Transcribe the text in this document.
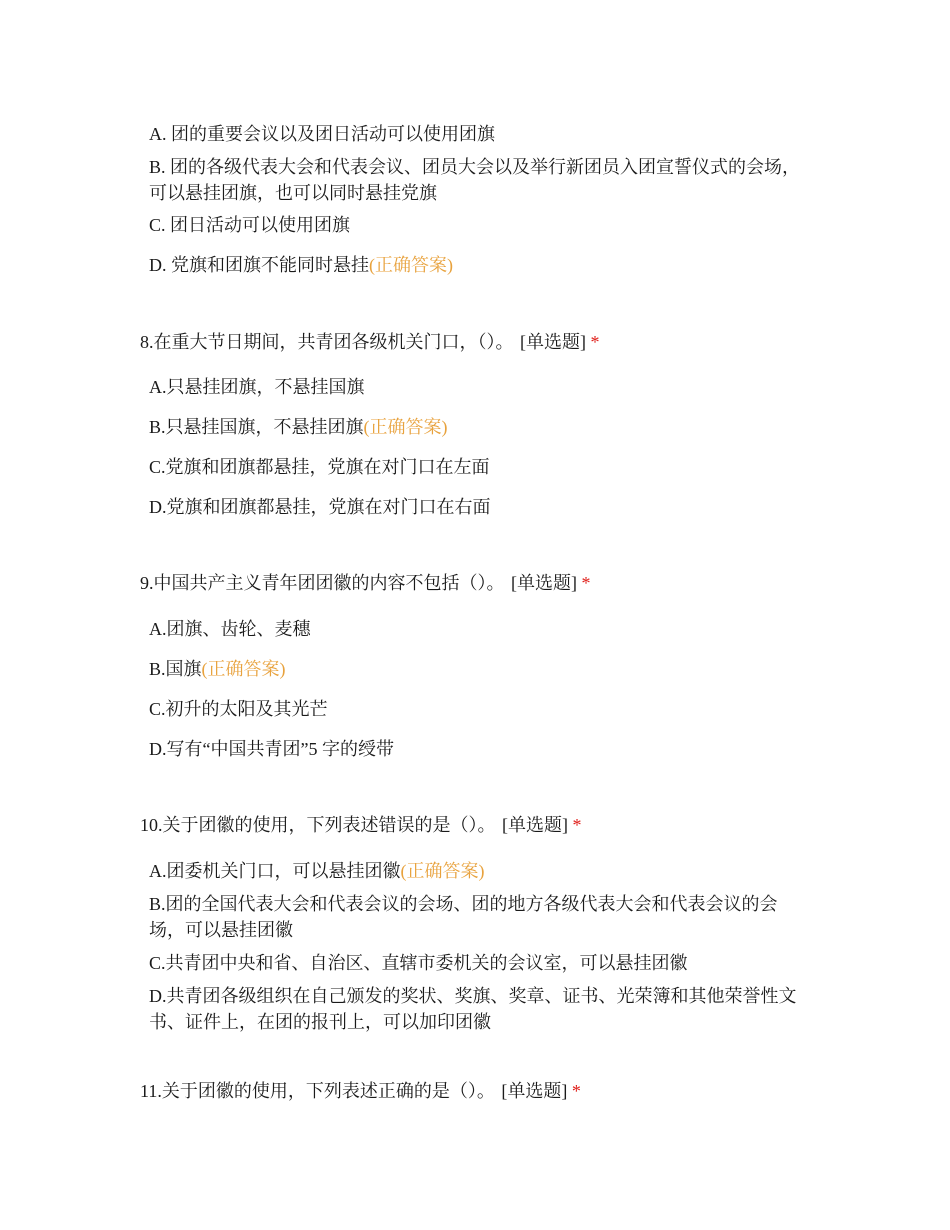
A. 团的重要会议以及团日活动可以使用团旗
B. 团的各级代表大会和代表会议、团员大会以及举行新团员入团宣誓仪式的会场，可以悬挂团旗，也可以同时悬挂党旗
C. 团日活动可以使用团旗
D. 党旗和团旗不能同时悬挂(正确答案)
8.在重大节日期间，共青团各级机关门口，（）。 [单选题] *
A.只悬挂团旗，不悬挂国旗
B.只悬挂国旗，不悬挂团旗(正确答案)
C.党旗和团旗都悬挂，党旗在对门口在左面
D.党旗和团旗都悬挂，党旗在对门口在右面
9.中国共产主义青年团团徽的内容不包括（）。 [单选题] *
A.团旗、齿轮、麦穗
B.国旗(正确答案)
C.初升的太阳及其光芒
D.写有“中国共青团”5 字的绶带
10.关于团徽的使用，下列表述错误的是（）。 [单选题] *
A.团委机关门口，可以悬挂团徽(正确答案)
B.团的全国代表大会和代表会议的会场、团的地方各级代表大会和代表会议的会场，可以悬挂团徽
C.共青团中央和省、自治区、直辖市委机关的会议室，可以悬挂团徽
D.共青团各级组织在自己颁发的奖状、奖旗、奖章、证书、光荣簿和其他荣誉性文书、证件上，在团的报刊上，可以加印团徽
11.关于团徽的使用，下列表述正确的是（）。 [单选题] *
